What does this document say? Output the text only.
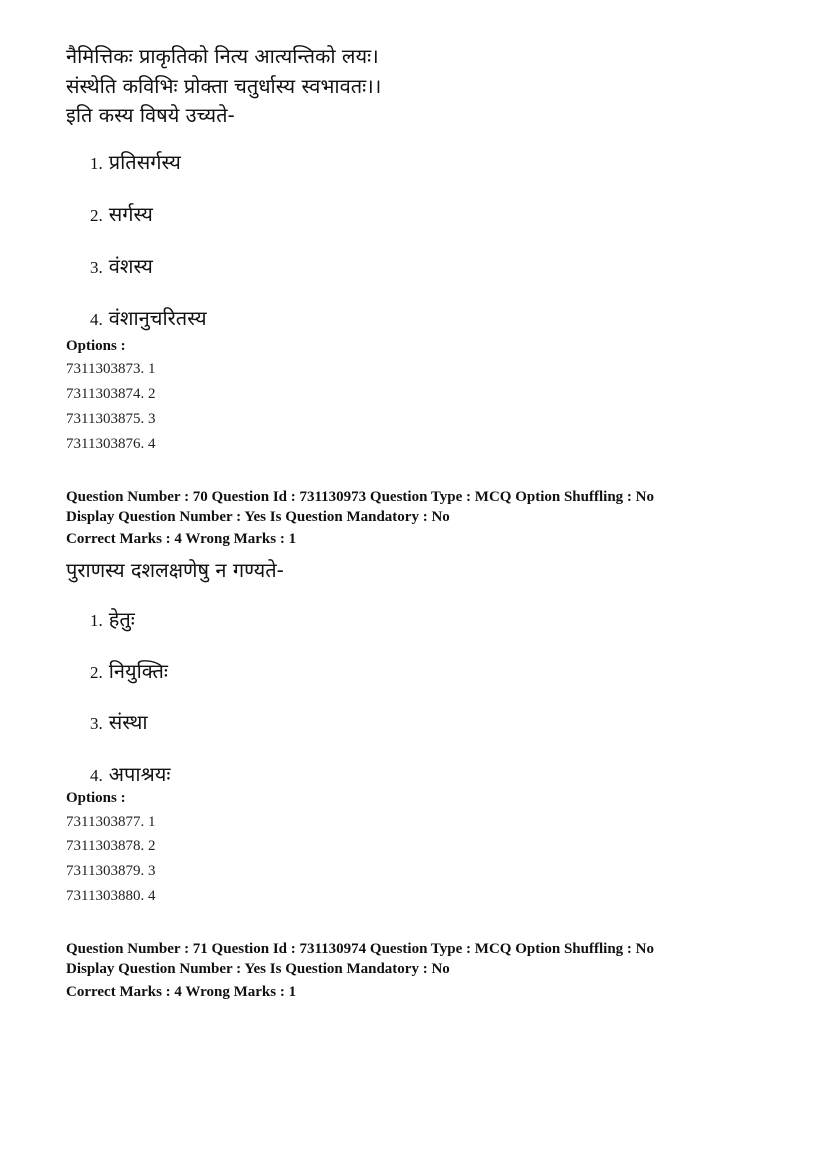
नैमित्तिकः प्राकृतिको नित्य आत्यन्तिको लयः।
संस्थेति कविभिः प्रोक्ता चतुर्धास्य स्वभावतः।।
इति कस्य विषये उच्यते-
1. प्रतिसर्गस्य
2. सर्गस्य
3. वंशस्य
4. वंशानुचरितस्य
Options :
7311303873. 1
7311303874. 2
7311303875. 3
7311303876. 4
Question Number : 70 Question Id : 731130973 Question Type : MCQ Option Shuffling : No
Display Question Number : Yes Is Question Mandatory : No
Correct Marks : 4 Wrong Marks : 1
पुराणस्य दशलक्षणेषु न गण्यते-
1. हेतुः
2. नियुक्तिः
3. संस्था
4. अपाश्रयः
Options :
7311303877. 1
7311303878. 2
7311303879. 3
7311303880. 4
Question Number : 71 Question Id : 731130974 Question Type : MCQ Option Shuffling : No
Display Question Number : Yes Is Question Mandatory : No
Correct Marks : 4 Wrong Marks : 1
